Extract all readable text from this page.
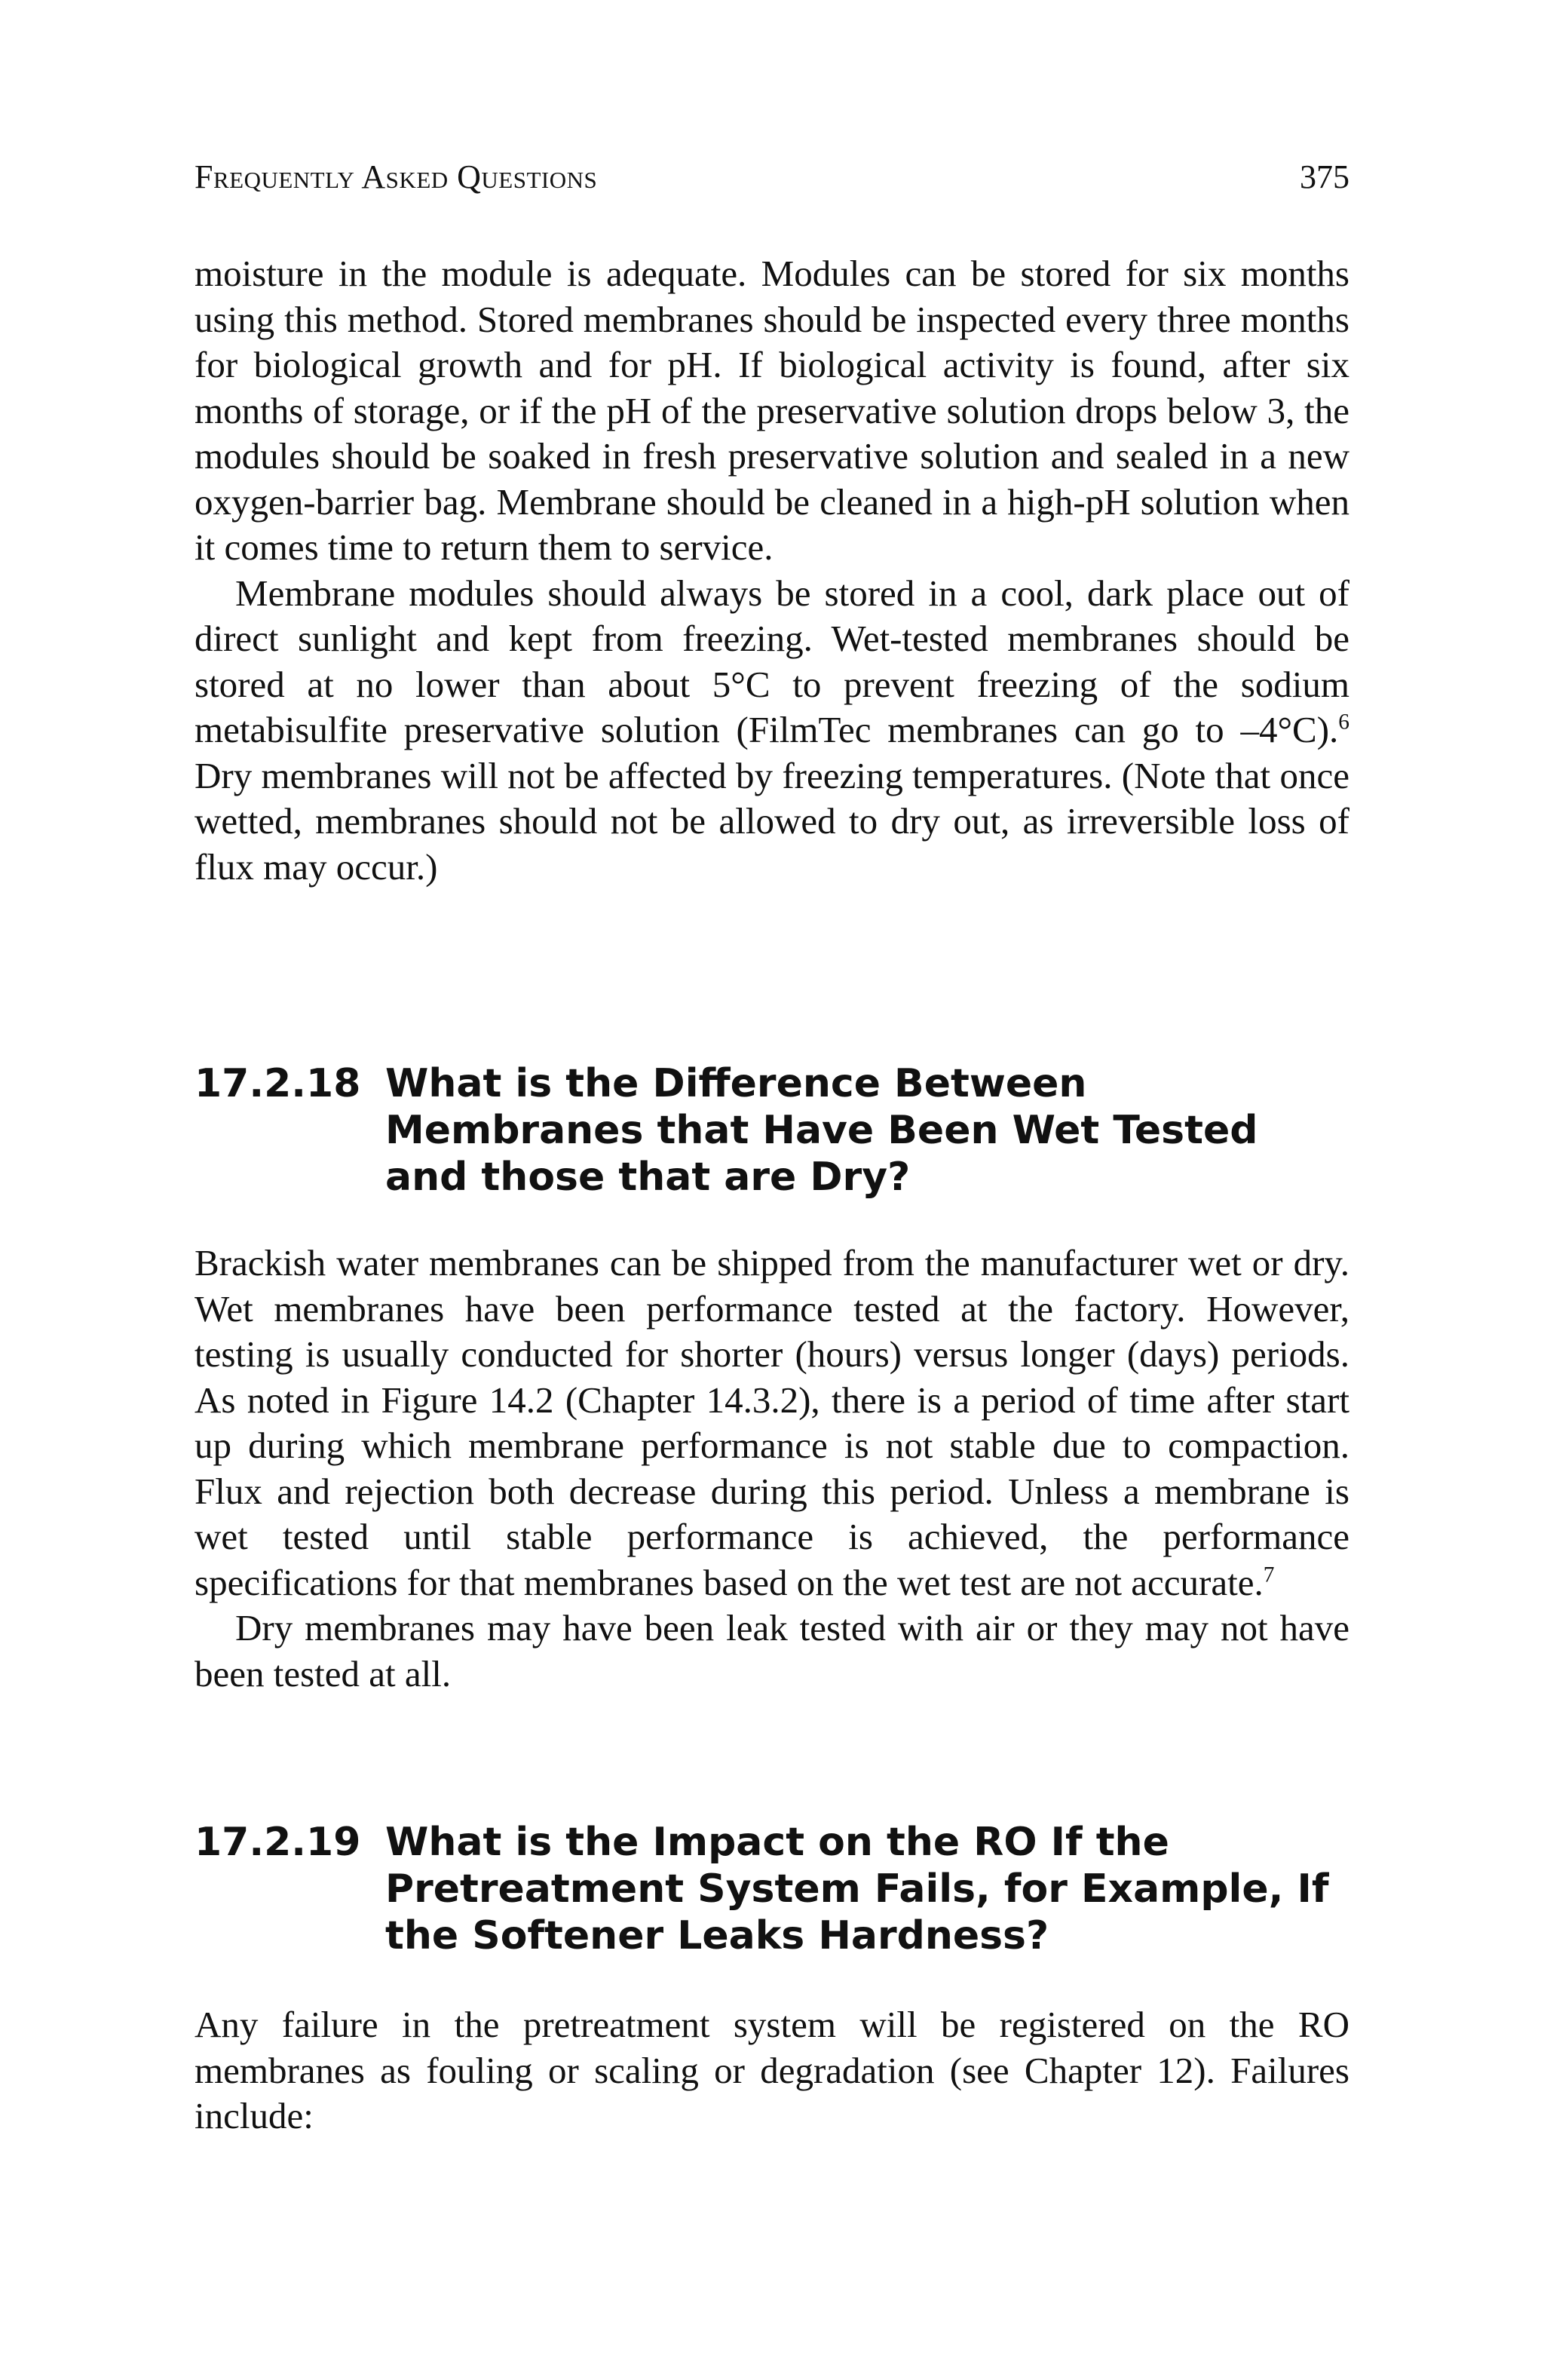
Frequently Asked Questions	375

moisture in the module is adequate. Modules can be stored for six months using this method. Stored membranes should be inspected every three months for biological growth and for pH. If biological activity is found, after six months of storage, or if the pH of the preservative solution drops below 3, the modules should be soaked in fresh preservative solution and sealed in a new oxygen-barrier bag. Membrane should be cleaned in a high-pH solution when it comes time to return them to service.

Membrane modules should always be stored in a cool, dark place out of direct sunlight and kept from freezing. Wet-tested membranes should be stored at no lower than about 5°C to prevent freezing of the sodium metabisulfite preservative solution (FilmTec membranes can go to –4°C).$^6$ Dry membranes will not be affected by freezing temperatures. (Note that once wetted, membranes should not be allowed to dry out, as irreversible loss of flux may occur.)

17.2.18 What is the Difference Between Membranes that Have Been Wet Tested and those that are Dry?

Brackish water membranes can be shipped from the manufacturer wet or dry. Wet membranes have been performance tested at the factory. However, testing is usually conducted for shorter (hours) versus longer (days) periods. As noted in Figure 14.2 (Chapter 14.3.2), there is a period of time after start up during which membrane performance is not stable due to compaction. Flux and rejection both decrease during this period. Unless a membrane is wet tested until stable performance is achieved, the performance specifications for that membranes based on the wet test are not accurate.$^7$

Dry membranes may have been leak tested with air or they may not have been tested at all.

17.2.19 What is the Impact on the RO If the Pretreatment System Fails, for Example, If the Softener Leaks Hardness?

Any failure in the pretreatment system will be registered on the RO membranes as fouling or scaling or degradation (see Chapter 12). Failures include:
